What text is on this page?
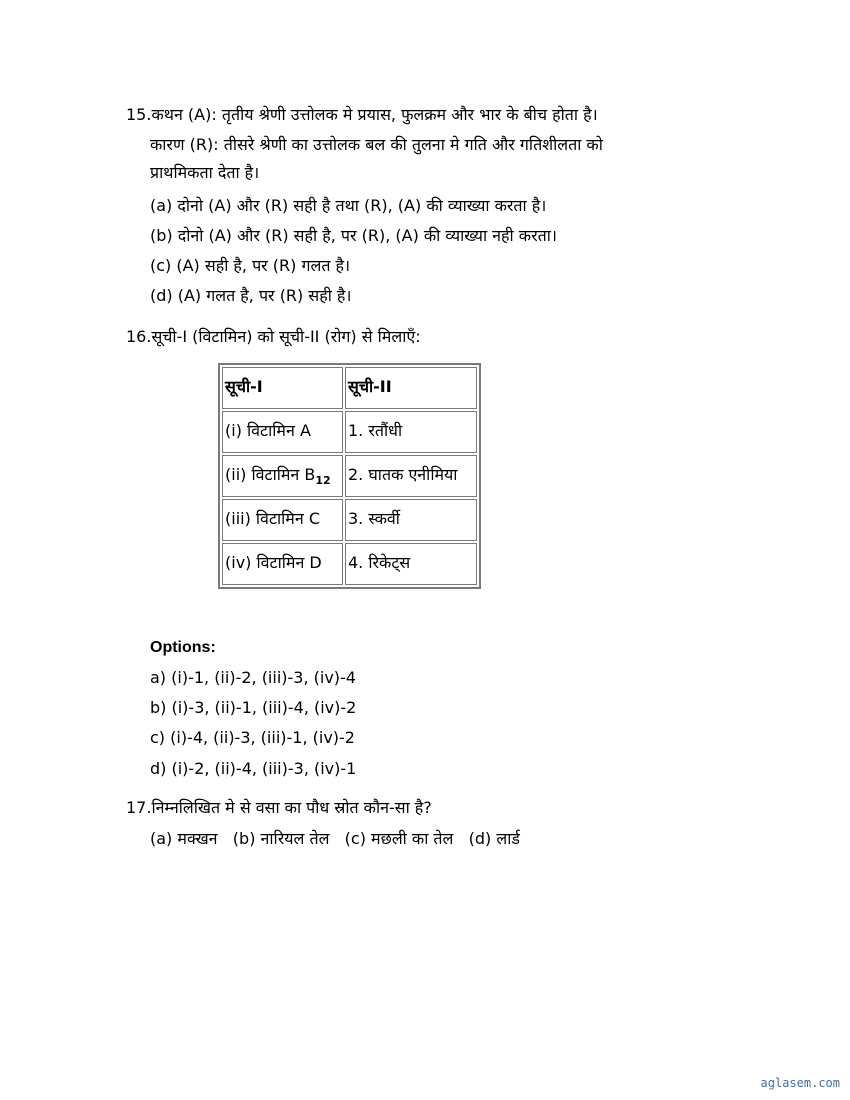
15.कथन (A): तृतीय श्रेणी उत्तोलक मे प्रयास, फुलक्रम और भार के बीच होता है।
कारण (R): तीसरे श्रेणी का उत्तोलक बल की तुलना मे गति और गतिशीलता को
प्राथमिकता देता है।
(a) दोनो (A) और (R) सही है तथा (R), (A) की व्याख्या करता है।
(b) दोनो (A) और (R) सही है, पर (R), (A) की व्याख्या नही करता।
(c) (A) सही है, पर (R) गलत है।
(d) (A) गलत है, पर (R) सही है।
16.सूची-I (विटामिन) को सूची-II (रोग) से मिलाएँ:
सूची-I	सूची-II
(i) विटामिन A	1. रतौंधी
(ii) विटामिन $B_{12}$	2. घातक एनीमिया
(iii) विटामिन C	3. स्कर्वी
(iv) विटामिन D	4. रिकेट्स
Options:
a) (i)-1, (ii)-2, (iii)-3, (iv)-4
b) (i)-3, (ii)-1, (iii)-4, (iv)-2
c) (i)-4, (ii)-3, (iii)-1, (iv)-2
d) (i)-2, (ii)-4, (iii)-3, (iv)-1
17.निम्नलिखित मे से वसा का पौध स्रोत कौन-सा है?
(a) मक्खन   (b) नारियल तेल   (c) मछली का तेल   (d) लार्ड
aglasem.com
